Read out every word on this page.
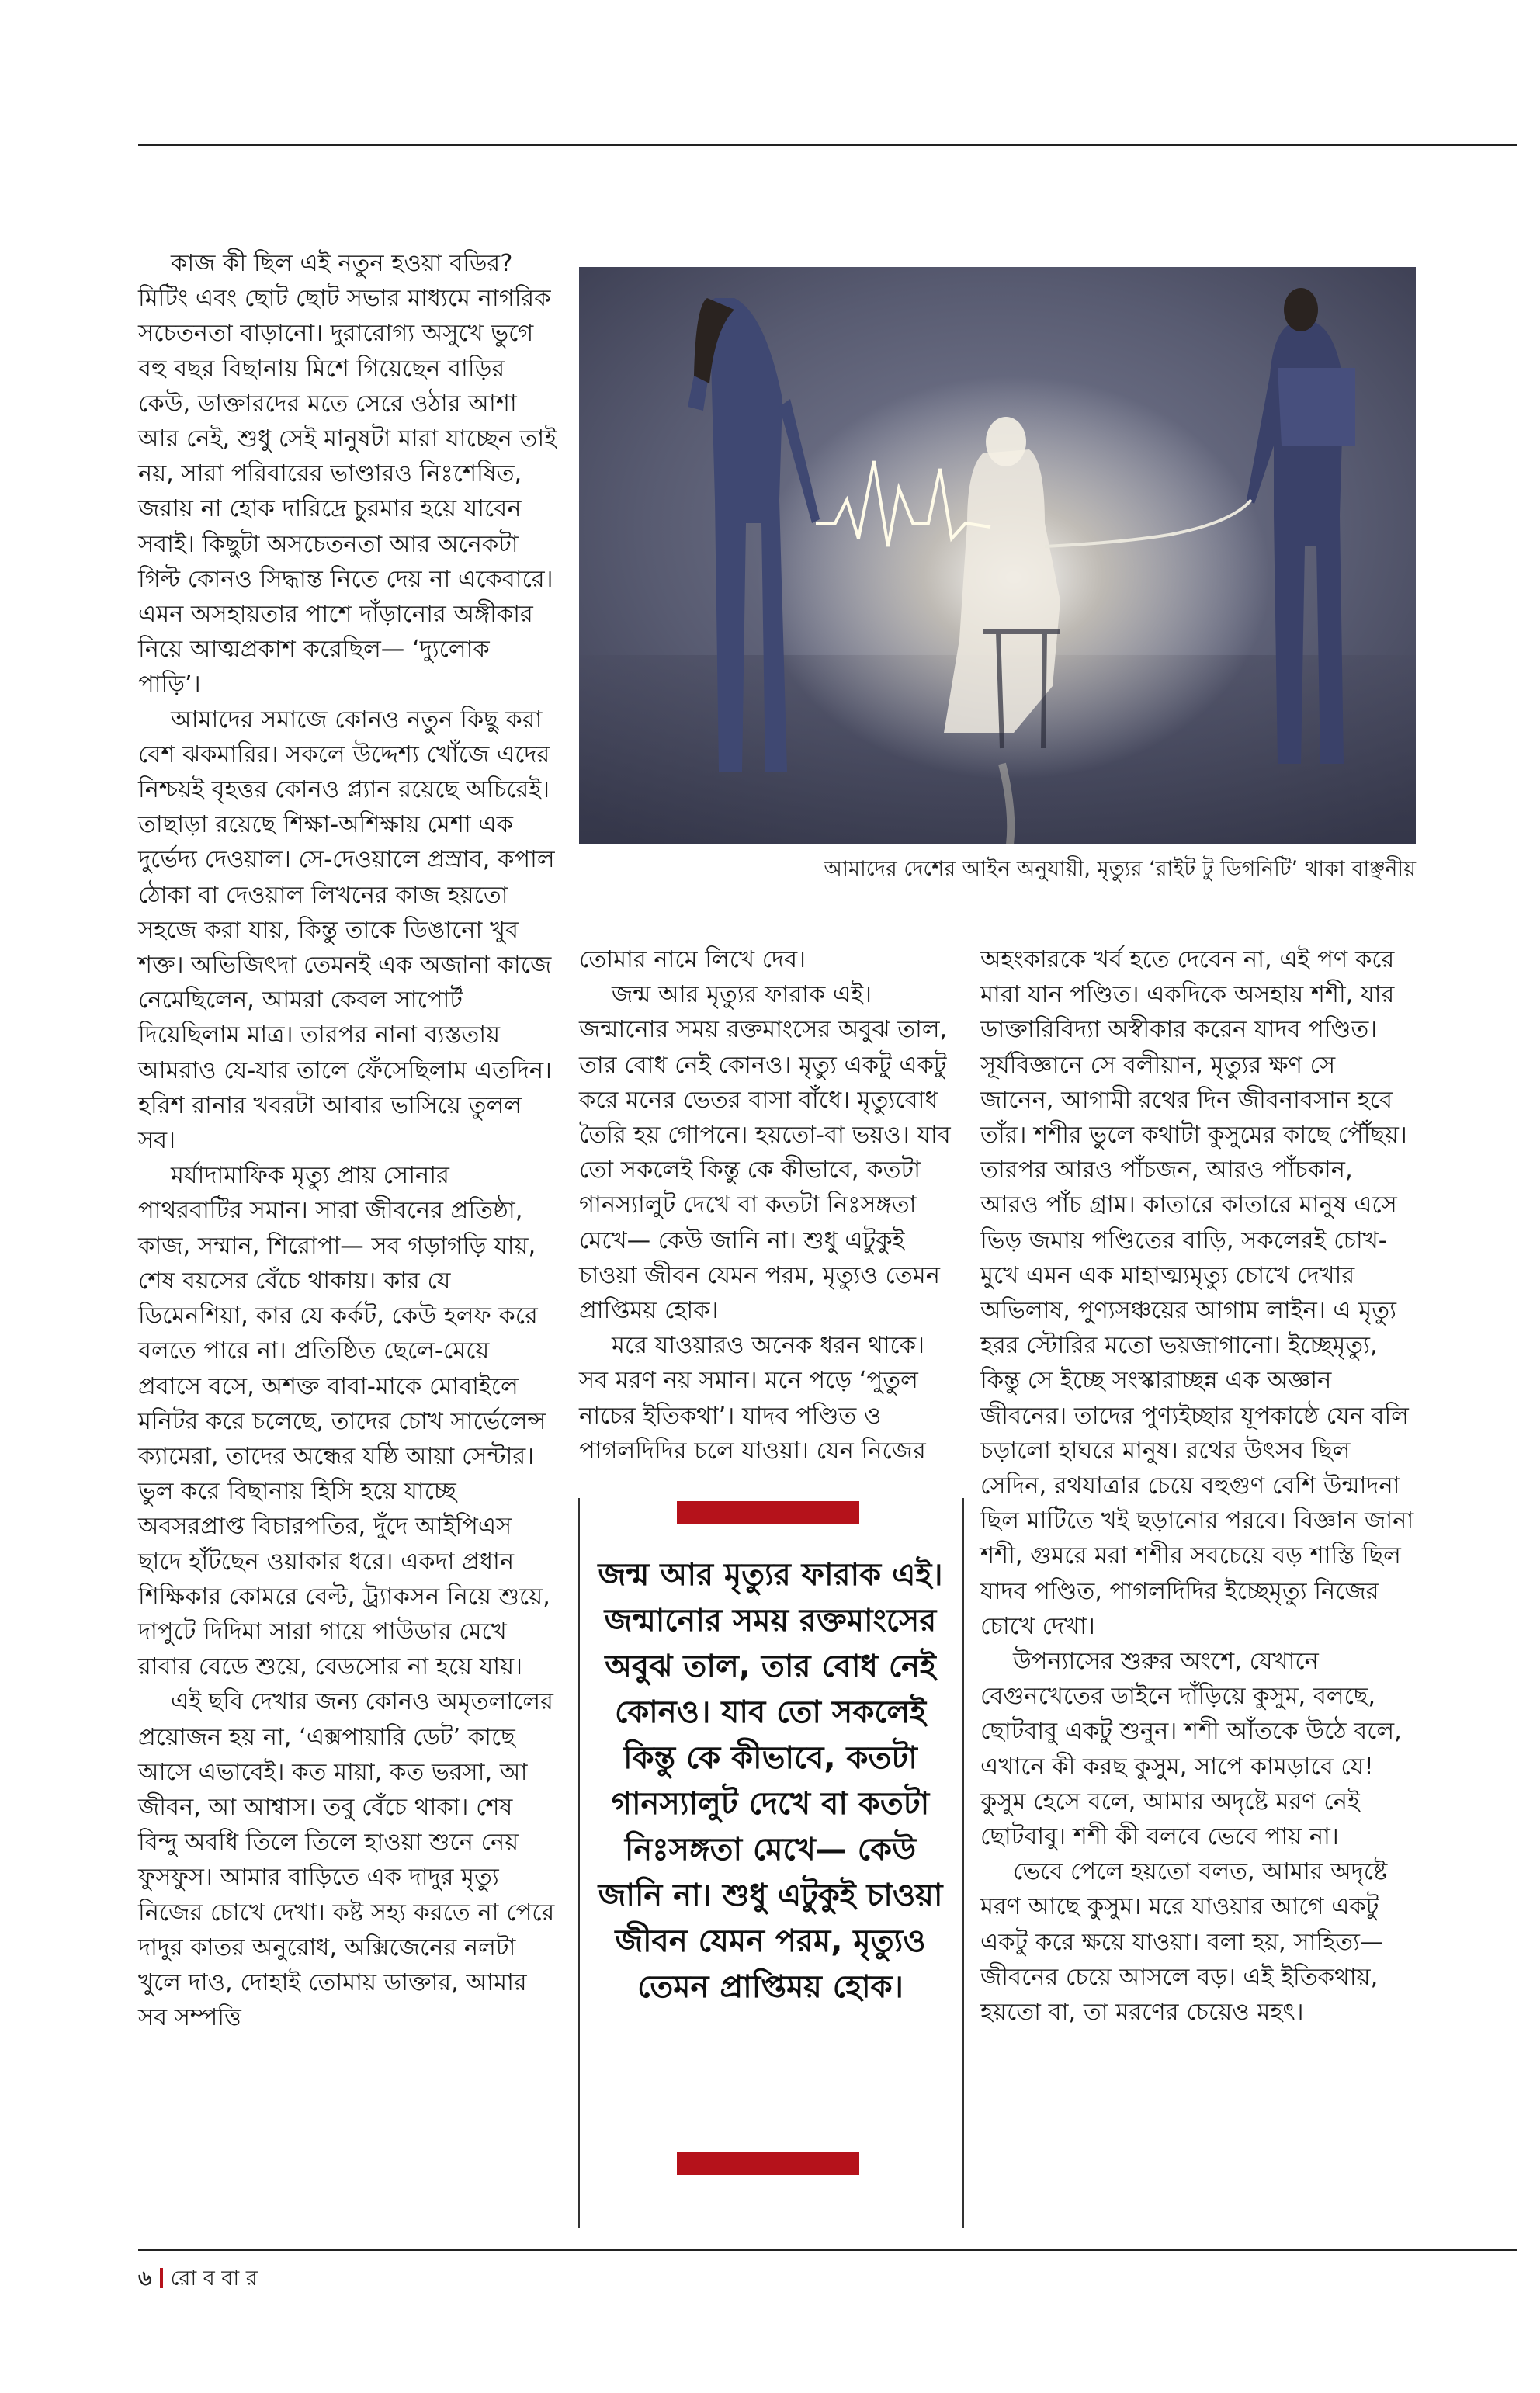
কাজ কী ছিল এই নতুন হওয়া বডির? মিটিং এবং ছোট ছোট সভার মাধ্যমে নাগরিক সচেতনতা বাড়ানো। দুরারোগ্য অসুখে ভুগে বহু বছর বিছানায় মিশে গিয়েছেন বাড়ির কেউ, ডাক্তারদের মতে সেরে ওঠার আশা আর নেই, শুধু সেই মানুষটা মারা যাচ্ছেন তাই নয়, সারা পরিবারের ভাণ্ডারও নিঃশেষিত, জরায় না হোক দারিদ্রে চুরমার হয়ে যাবেন সবাই। কিছুটা অসচেতনতা আর অনেকটা গিল্ট কোনও সিদ্ধান্ত নিতে দেয় না একেবারে। এমন অসহায়তার পাশে দাঁড়ানোর অঙ্গীকার নিয়ে আত্মপ্রকাশ করেছিল— ‘দ্যুলোক পাড়ি’।

আমাদের সমাজে কোনও নতুন কিছু করা বেশ ঝকমারির। সকলে উদ্দেশ্য খোঁজে এদের নিশ্চয়ই বৃহত্তর কোনও প্ল্যান রয়েছে অচিরেই। তাছাড়া রয়েছে শিক্ষা-অশিক্ষায় মেশা এক দুর্ভেদ্য দেওয়াল। সে-দেওয়ালে প্রস্রাব, কপাল ঠোকা বা দেওয়াল লিখনের কাজ হয়তো সহজে করা যায়, কিন্তু তাকে ডিঙানো খুব শক্ত। অভিজিৎদা তেমনই এক অজানা কাজে নেমেছিলেন, আমরা কেবল সাপোর্ট দিয়েছিলাম মাত্র। তারপর নানা ব্যস্ততায় আমরাও যে-যার তালে ফেঁসেছিলাম এতদিন। হরিশ রানার খবরটা আবার ভাসিয়ে তুলল সব।

মর্যাদামাফিক মৃত্যু প্রায় সোনার পাথরবাটির সমান। সারা জীবনের প্রতিষ্ঠা, কাজ, সম্মান, শিরোপা— সব গড়াগড়ি যায়, শেষ বয়সের বেঁচে থাকায়। কার যে ডিমেনশিয়া, কার যে কর্কট, কেউ হলফ করে বলতে পারে না। প্রতিষ্ঠিত ছেলে-মেয়ে প্রবাসে বসে, অশক্ত বাবা-মাকে মোবাইলে মনিটর করে চলেছে, তাদের চোখ সার্ভেলেন্স ক্যামেরা, তাদের অন্ধের যষ্ঠি আয়া সেন্টার। ভুল করে বিছানায় হিসি হয়ে যাচ্ছে অবসরপ্রাপ্ত বিচারপতির, দুঁদে আইপিএস ছাদে হাঁটছেন ওয়াকার ধরে। একদা প্রধান শিক্ষিকার কোমরে বেল্ট, ট্র্যাকসন নিয়ে শুয়ে, দাপুটে দিদিমা সারা গায়ে পাউডার মেখে রাবার বেডে শুয়ে, বেডসোর না হয়ে যায়।

এই ছবি দেখার জন্য কোনও অমৃতলালের প্রয়োজন হয় না, ‘এক্সপায়ারি ডেট’ কাছে আসে এভাবেই। কত মায়া, কত ভরসা, আ জীবন, আ আশ্বাস। তবু বেঁচে থাকা। শেষ বিন্দু অবধি তিলে তিলে হাওয়া শুনে নেয় ফুসফুস। আমার বাড়িতে এক দাদুর মৃত্যু নিজের চোখে দেখা। কষ্ট সহ্য করতে না পেরে দাদুর কাতর অনুরোধ, অক্সিজেনের নলটা খুলে দাও, দোহাই তোমায় ডাক্তার, আমার সব সম্পত্তি

আমাদের দেশের আইন অনুযায়ী, মৃত্যুর ‘রাইট টু ডিগনিটি’ থাকা বাঞ্ছনীয়

তোমার নামে লিখে দেব।

জন্ম আর মৃত্যুর ফারাক এই। জন্মানোর সময় রক্তমাংসের অবুঝ তাল, তার বোধ নেই কোনও। মৃত্যু একটু একটু করে মনের ভেতর বাসা বাঁধে। মৃত্যুবোধ তৈরি হয় গোপনে। হয়তো-বা ভয়ও। যাব তো সকলেই কিন্তু কে কীভাবে, কতটা গানস্যালুট দেখে বা কতটা নিঃসঙ্গতা মেখে— কেউ জানি না। শুধু এটুকুই চাওয়া জীবন যেমন পরম, মৃত্যুও তেমন প্রাপ্তিময় হোক।

মরে যাওয়ারও অনেক ধরন থাকে। সব মরণ নয় সমান। মনে পড়ে ‘পুতুল নাচের ইতিকথা’। যাদব পণ্ডিত ও পাগলদিদির চলে যাওয়া। যেন নিজের

অহংকারকে খর্ব হতে দেবেন না, এই পণ করে মারা যান পণ্ডিত। একদিকে অসহায় শশী, যার ডাক্তারিবিদ্যা অস্বীকার করেন যাদব পণ্ডিত। সূর্যবিজ্ঞানে সে বলীয়ান, মৃত্যুর ক্ষণ সে জানেন, আগামী রথের দিন জীবনাবসান হবে তাঁর। শশীর ভুলে কথাটা কুসুমের কাছে পৌঁছয়। তারপর আরও পাঁচজন, আরও পাঁচকান, আরও পাঁচ গ্রাম। কাতারে কাতারে মানুষ এসে ভিড় জমায় পণ্ডিতের বাড়ি, সকলেরই চোখ-মুখে এমন এক মাহাত্ম্যমৃত্যু চোখে দেখার অভিলাষ, পুণ্যসঞ্চয়ের আগাম লাইন। এ মৃত্যু হরর স্টোরির মতো ভয়জাগানো। ইচ্ছেমৃত্যু, কিন্তু সে ইচ্ছে সংস্কারাচ্ছন্ন এক অজ্ঞান জীবনের। তাদের পুণ্যইচ্ছার যূপকাষ্ঠে যেন বলি চড়ালো হাঘরে মানুষ। রথের উৎসব ছিল সেদিন, রথযাত্রার চেয়ে বহুগুণ বেশি উন্মাদনা ছিল মাটিতে খই ছড়ানোর পরবে। বিজ্ঞান জানা শশী, গুমরে মরা শশীর সবচেয়ে বড় শাস্তি ছিল যাদব পণ্ডিত, পাগলদিদির ইচ্ছেমৃত্যু নিজের চোখে দেখা।

উপন্যাসের শুরুর অংশে, যেখানে বেগুনখেতের ডাইনে দাঁড়িয়ে কুসুম, বলছে, ছোটবাবু একটু শুনুন। শশী আঁতকে উঠে বলে, এখানে কী করছ কুসুম, সাপে কামড়াবে যে! কুসুম হেসে বলে, আমার অদৃষ্টে মরণ নেই ছোটবাবু। শশী কী বলবে ভেবে পায় না।

ভেবে পেলে হয়তো বলত, আমার অদৃষ্টে মরণ আছে কুসুম। মরে যাওয়ার আগে একটু একটু করে ক্ষয়ে যাওয়া। বলা হয়, সাহিত্য— জীবনের চেয়ে আসলে বড়। এই ইতিকথায়, হয়তো বা, তা মরণের চেয়েও মহৎ।

জন্ম আর মৃত্যুর ফারাক এই। জন্মানোর সময় রক্তমাংসের অবুঝ তাল, তার বোধ নেই কোনও। যাব তো সকলেই কিন্তু কে কীভাবে, কতটা গানস্যালুট দেখে বা কতটা নিঃসঙ্গতা মেখে— কেউ জানি না। শুধু এটুকুই চাওয়া জীবন যেমন পরম, মৃত্যুও তেমন প্রাপ্তিময় হোক।
৬ রো ব বা র
